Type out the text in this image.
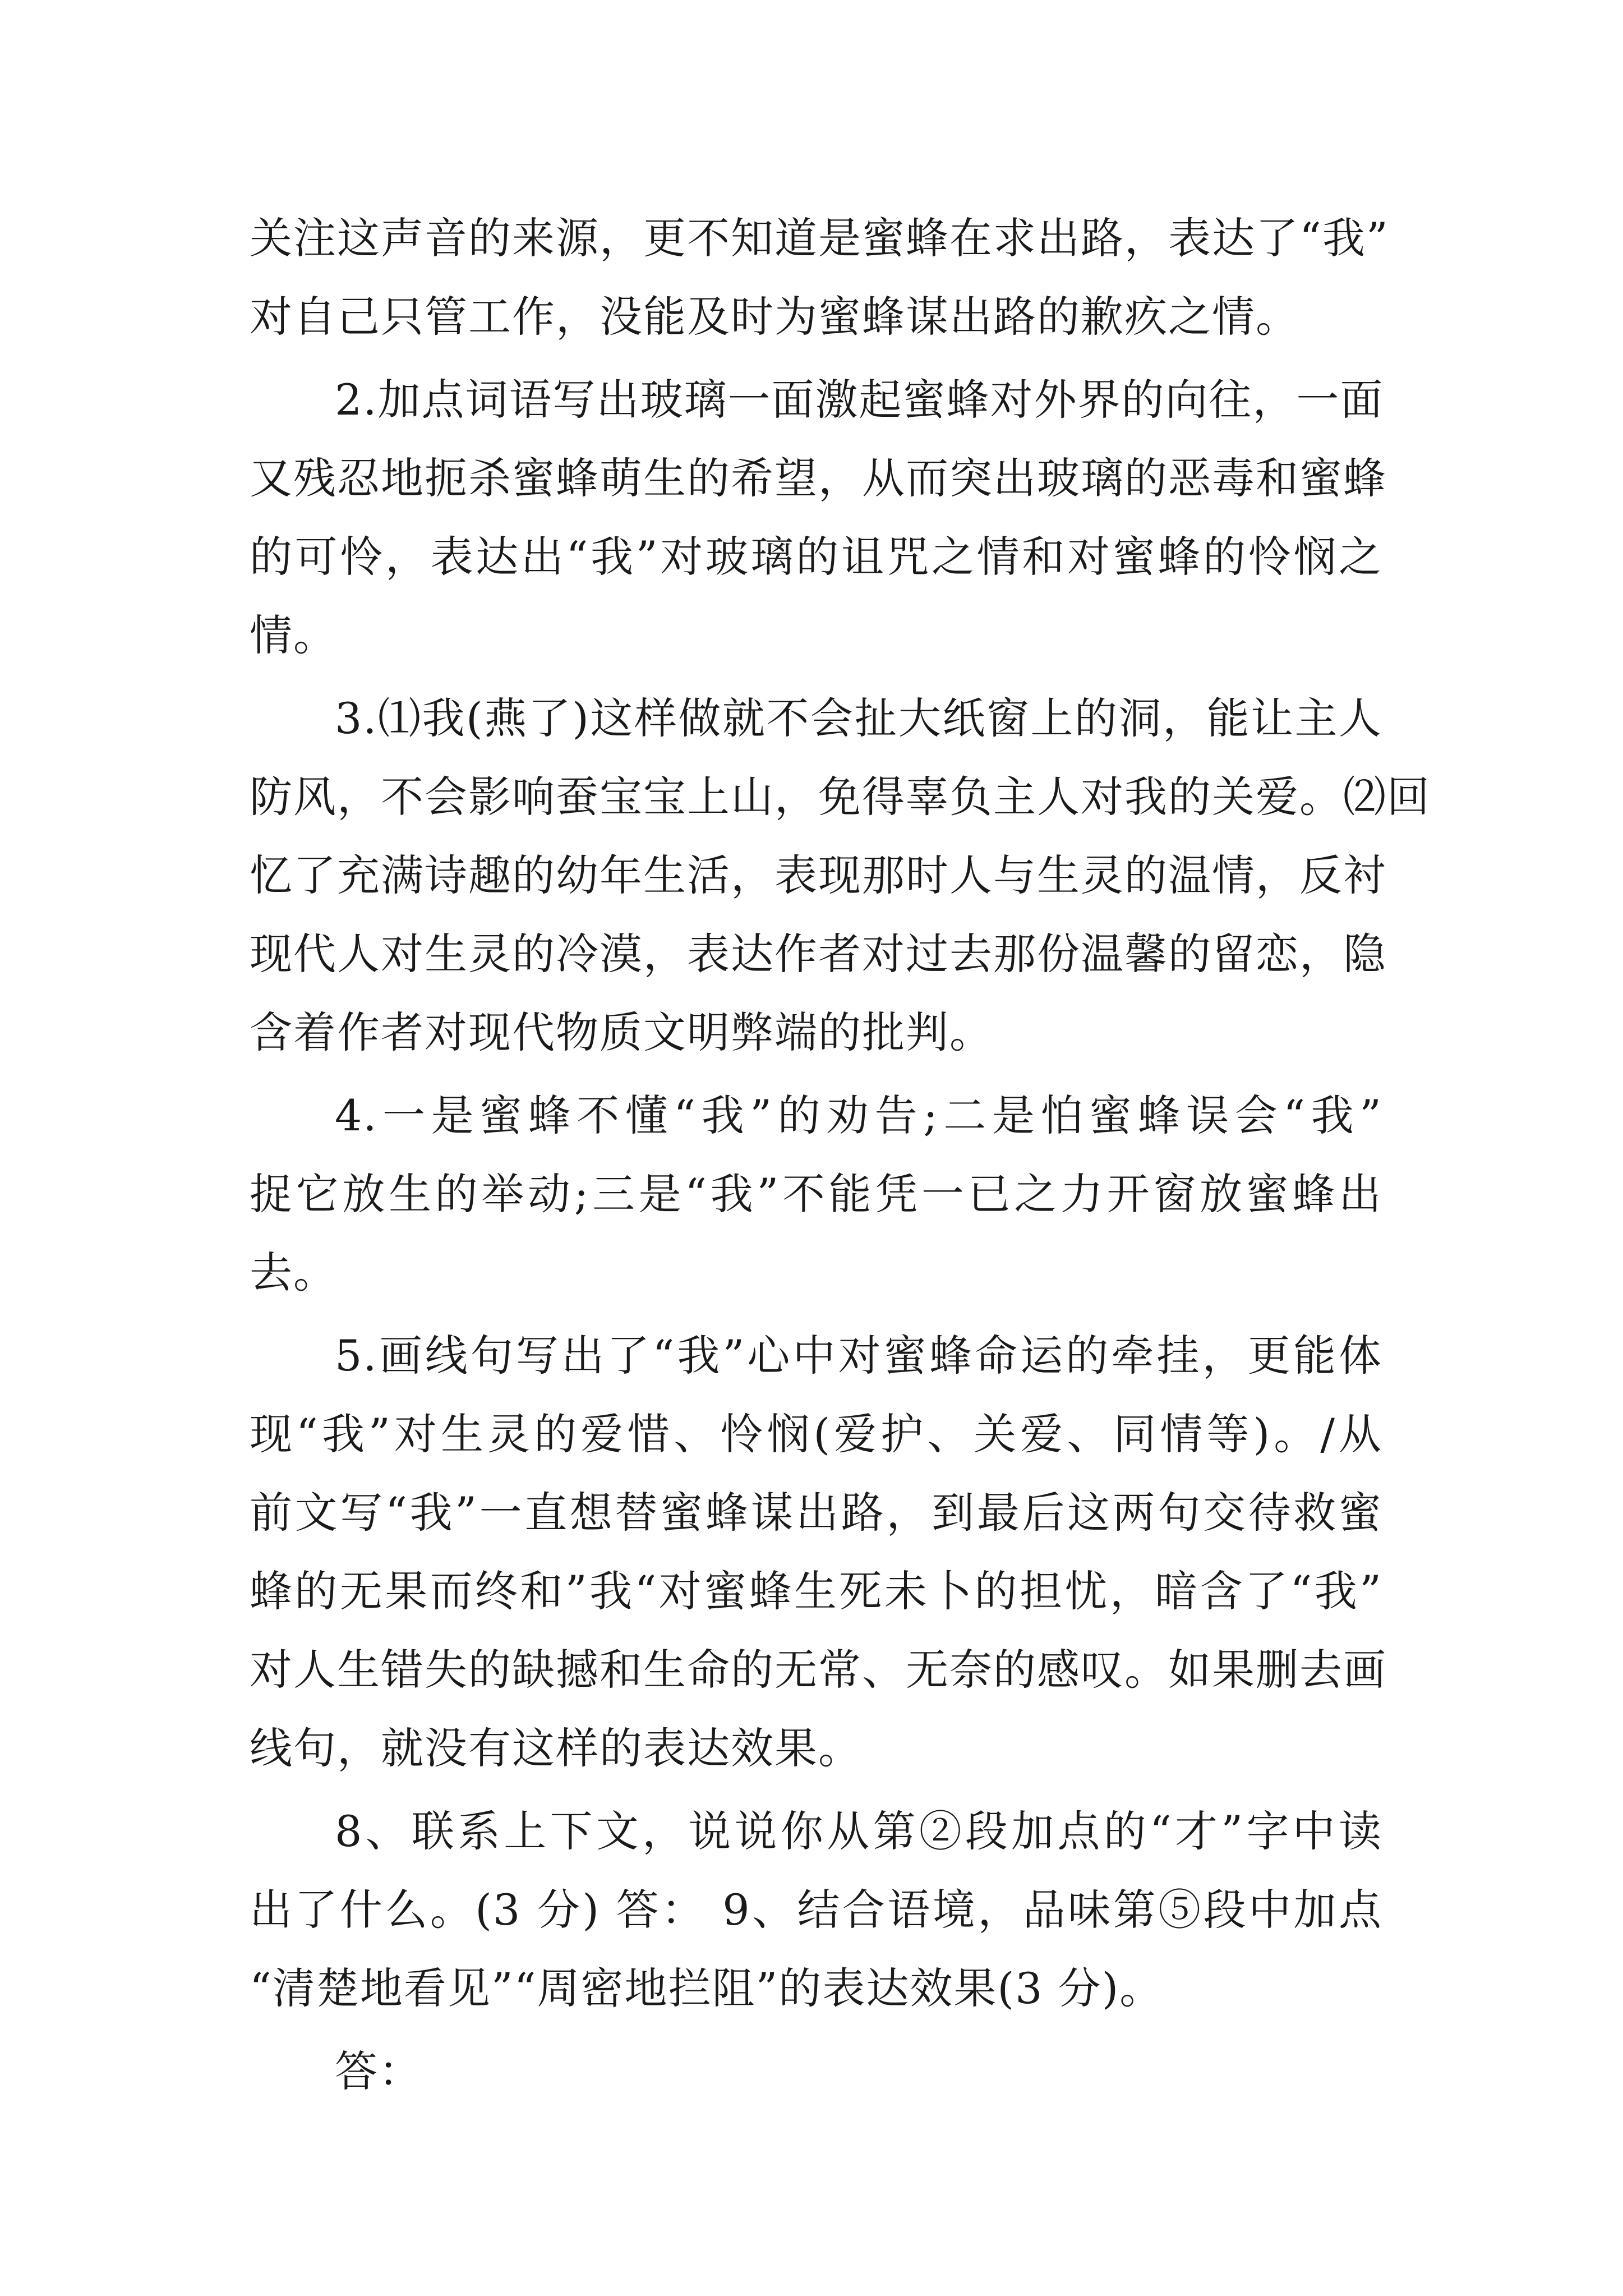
关注这声音的来源，更不知道是蜜蜂在求出路，表达了“我”
对自己只管工作，没能及时为蜜蜂谋出路的歉疚之情。
2.加点词语写出玻璃一面激起蜜蜂对外界的向往，一面
又残忍地扼杀蜜蜂萌生的希望，从而突出玻璃的恶毒和蜜蜂
的可怜，表达出“我”对玻璃的诅咒之情和对蜜蜂的怜悯之
情。
3.⑴我(燕了)这样做就不会扯大纸窗上的洞，能让主人
防风，不会影响蚕宝宝上山，免得辜负主人对我的关爱。⑵回
忆了充满诗趣的幼年生活，表现那时人与生灵的温情，反衬
现代人对生灵的冷漠，表达作者对过去那份温馨的留恋，隐
含着作者对现代物质文明弊端的批判。
4.一是蜜蜂不懂“我”的劝告;二是怕蜜蜂误会“我”
捉它放生的举动;三是“我”不能凭一已之力开窗放蜜蜂出
去。
5.画线句写出了“我”心中对蜜蜂命运的牵挂，更能体
现“我”对生灵的爱惜、怜悯(爱护、关爱、同情等)。/从
前文写“我”一直想替蜜蜂谋出路，到最后这两句交待救蜜
蜂的无果而终和”我“对蜜蜂生死未卜的担忧，暗含了“我”
对人生错失的缺撼和生命的无常、无奈的感叹。如果删去画
线句，就没有这样的表达效果。
8、联系上下文，说说你从第②段加点的“才”字中读
出了什么。(3 分) 答： 9、结合语境，品味第⑤段中加点
“清楚地看见”“周密地拦阻”的表达效果(3 分)。
答：
